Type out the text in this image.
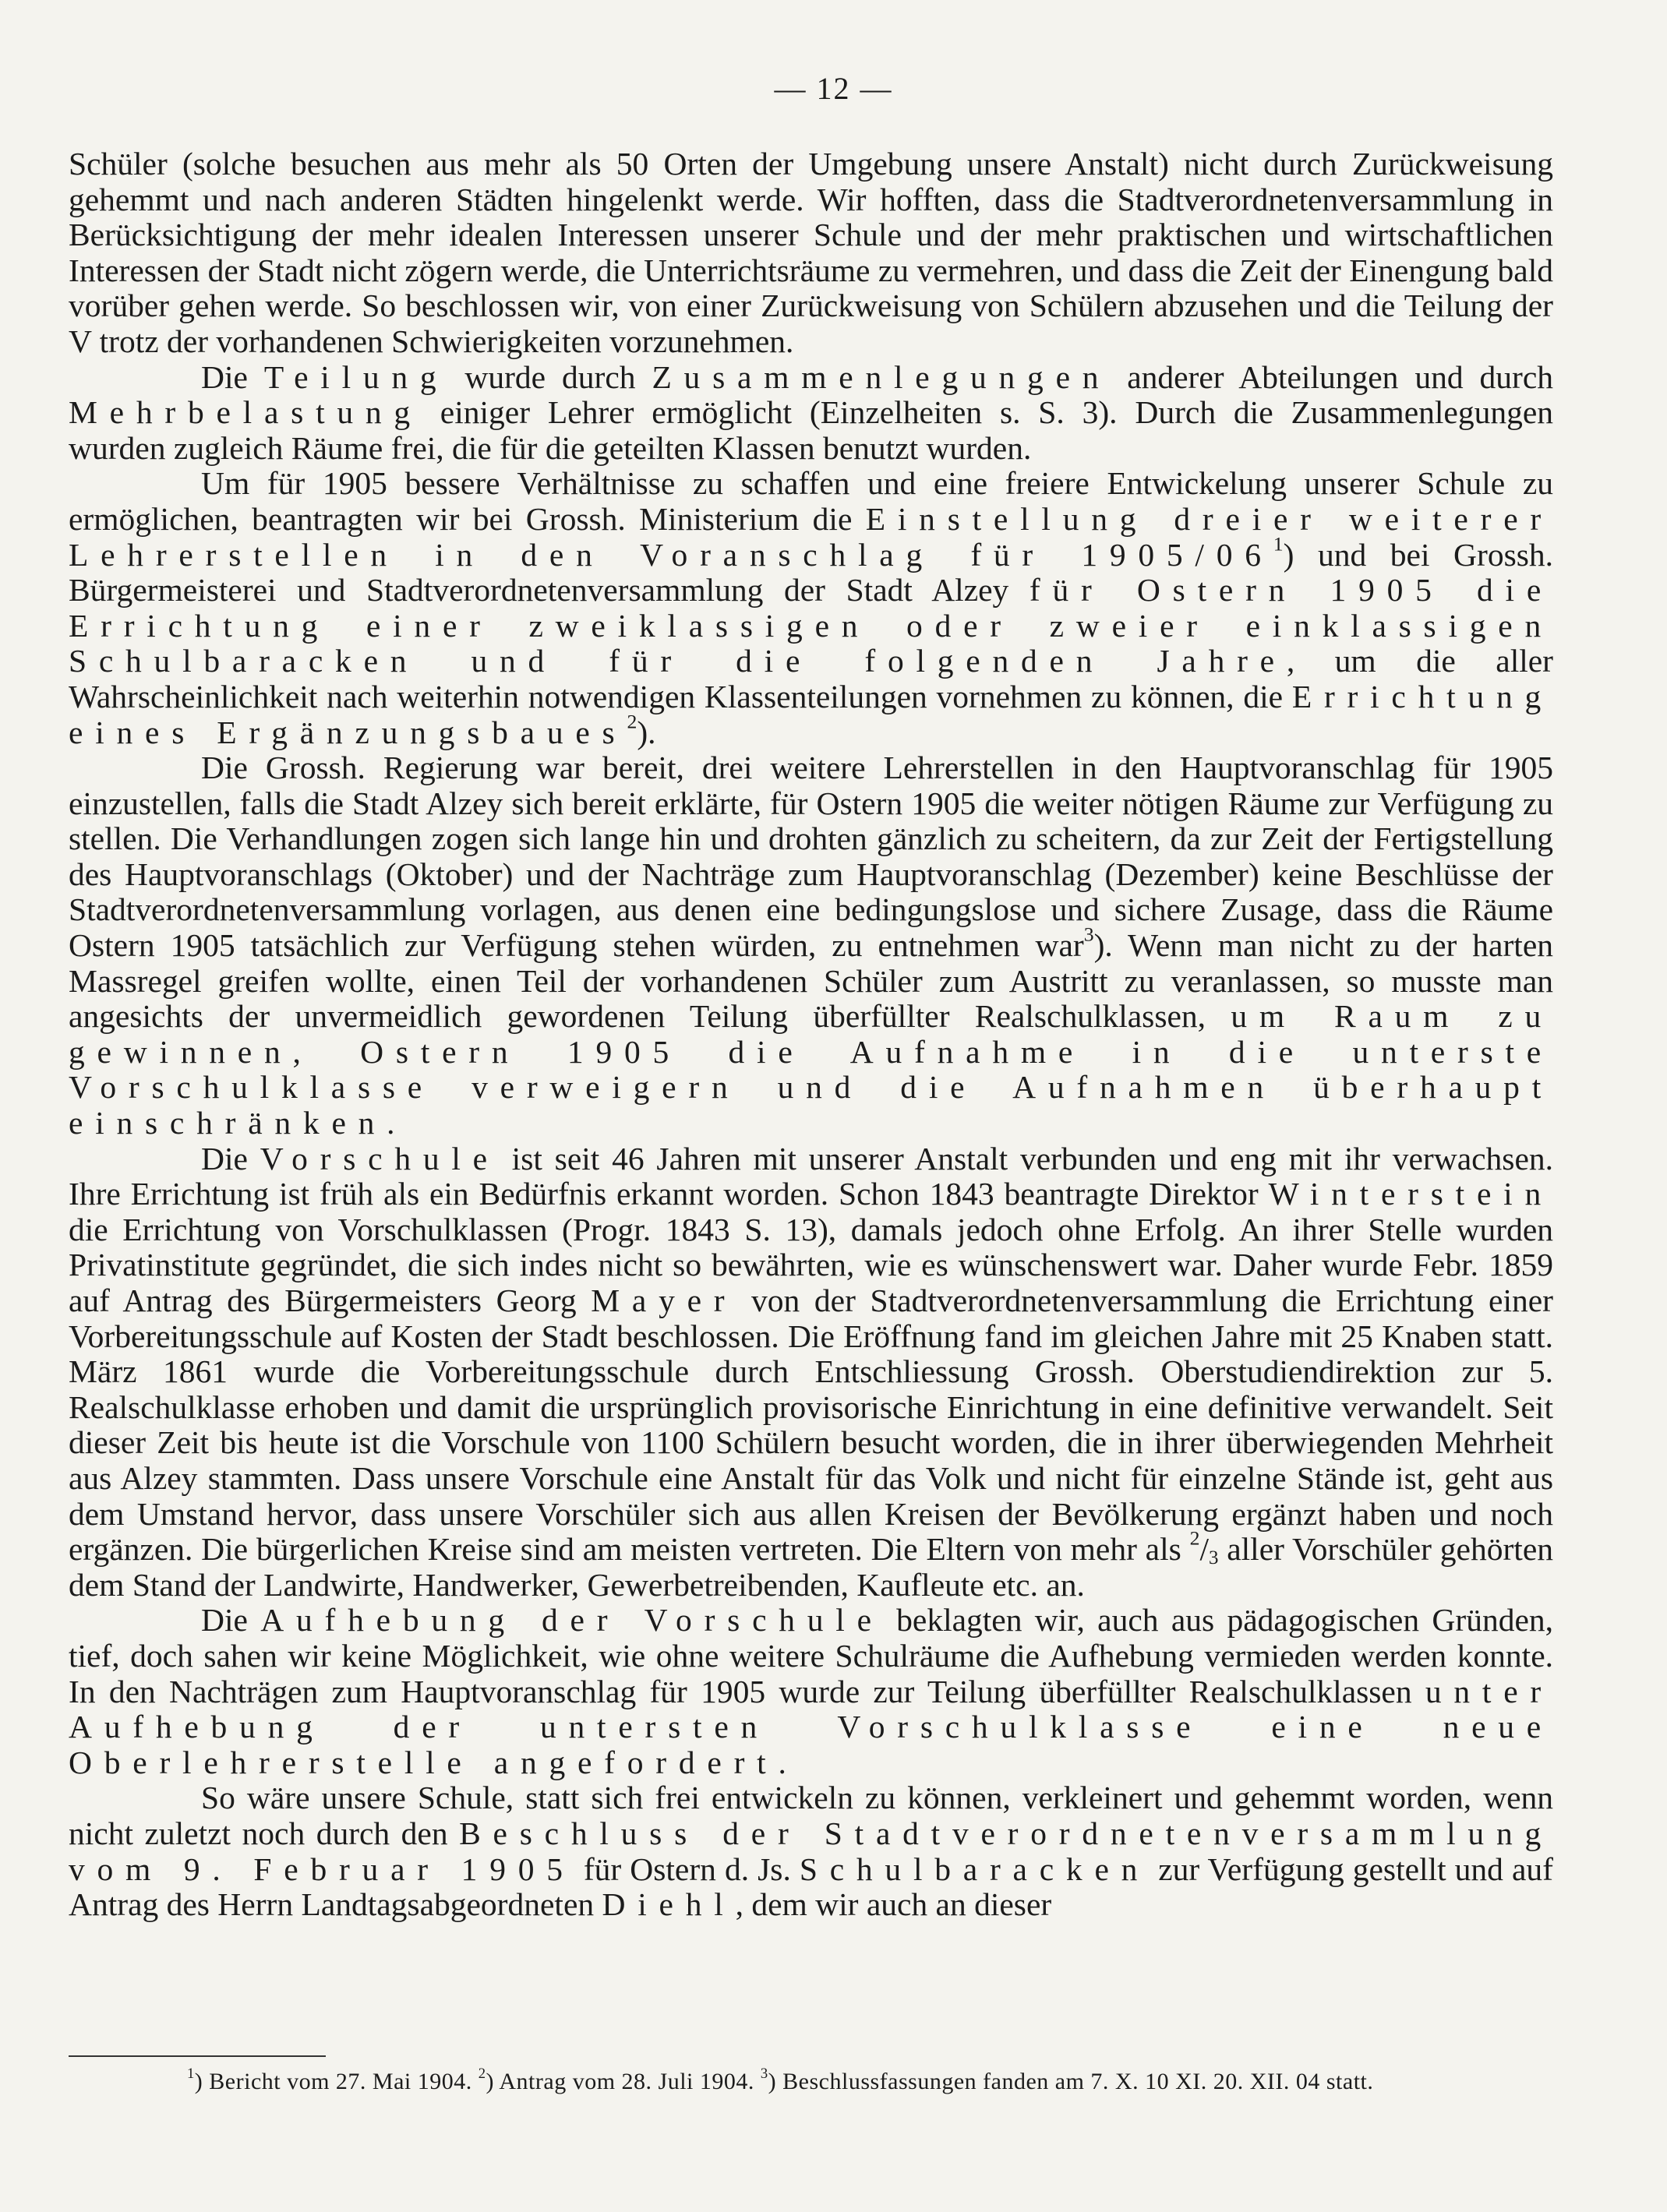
— 12 —

Schüler (solche besuchen aus mehr als 50 Orten der Umgebung unsere Anstalt) nicht durch Zurückweisung gehemmt und nach anderen Städten hingelenkt werde. Wir hofften, dass die Stadtverordnetenversammlung in Berücksichtigung der mehr idealen Interessen unserer Schule und der mehr praktischen und wirtschaftlichen Interessen der Stadt nicht zögern werde, die Unterrichtsräume zu vermehren, und dass die Zeit der Einengung bald vorüber gehen werde. So beschlossen wir, von einer Zurückweisung von Schülern abzusehen und die Teilung der V trotz der vorhandenen Schwierigkeiten vorzunehmen.

Die Teilung wurde durch Zusammenlegungen anderer Abteilungen und durch Mehrbelastung einiger Lehrer ermöglicht (Einzelheiten s. S. 3). Durch die Zusammenlegungen wurden zugleich Räume frei, die für die geteilten Klassen benutzt wurden.

Um für 1905 bessere Verhältnisse zu schaffen und eine freiere Entwickelung unserer Schule zu ermöglichen, beantragten wir bei Grossh. Ministerium die Einstellung dreier weiterer Lehrerstellen in den Voranschlag für $1905/06^1$) und bei Grossh. Bürgermeisterei und Stadtverordnetenversammlung der Stadt Alzey für Ostern 1905 die Errichtung einer zweiklassigen oder zweier einklassigen Schulbaracken und für die folgenden Jahre, um die aller Wahrscheinlichkeit nach weiterhin notwendigen Klassenteilungen vornehmen zu können, die Errichtung eines Ergänzungsbaues$^2$).

Die Grossh. Regierung war bereit, drei weitere Lehrerstellen in den Hauptvoranschlag für 1905 einzustellen, falls die Stadt Alzey sich bereit erklärte, für Ostern 1905 die weiter nötigen Räume zur Verfügung zu stellen. Die Verhandlungen zogen sich lange hin und drohten gänzlich zu scheitern, da zur Zeit der Fertigstellung des Hauptvoranschlags (Oktober) und der Nachträge zum Hauptvoranschlag (Dezember) keine Beschlüsse der Stadtverordnetenversammlung vorlagen, aus denen eine bedingungslose und sichere Zusage, dass die Räume Ostern 1905 tatsächlich zur Verfügung stehen würden, zu entnehmen war$^3$). Wenn man nicht zu der harten Massregel greifen wollte, einen Teil der vorhandenen Schüler zum Austritt zu veranlassen, so musste man angesichts der unvermeidlich gewordenen Teilung überfüllter Realschulklassen, um Raum zu gewinnen, Ostern 1905 die Aufnahme in die unterste Vorschulklasse verweigern und die Aufnahmen überhaupt einschränken.

Die Vorschule ist seit 46 Jahren mit unserer Anstalt verbunden und eng mit ihr verwachsen. Ihre Errichtung ist früh als ein Bedürfnis erkannt worden. Schon 1843 beantragte Direktor Winterstein die Errichtung von Vorschulklassen (Progr. 1843 S. 13), damals jedoch ohne Erfolg. An ihrer Stelle wurden Privatinstitute gegründet, die sich indes nicht so bewährten, wie es wünschenswert war. Daher wurde Febr. 1859 auf Antrag des Bürgermeisters Georg Mayer von der Stadtverordnetenversammlung die Errichtung einer Vorbereitungsschule auf Kosten der Stadt beschlossen. Die Eröffnung fand im gleichen Jahre mit 25 Knaben statt. März 1861 wurde die Vorbereitungsschule durch Entschliessung Grossh. Oberstudiendirektion zur 5. Realschulklasse erhoben und damit die ursprünglich provisorische Einrichtung in eine definitive verwandelt. Seit dieser Zeit bis heute ist die Vorschule von 1100 Schülern besucht worden, die in ihrer überwiegenden Mehrheit aus Alzey stammten. Dass unsere Vorschule eine Anstalt für das Volk und nicht für einzelne Stände ist, geht aus dem Umstand hervor, dass unsere Vorschüler sich aus allen Kreisen der Bevölkerung ergänzt haben und noch ergänzen. Die bürgerlichen Kreise sind am meisten vertreten. Die Eltern von mehr als $^2$/3 aller Vorschüler gehörten dem Stand der Landwirte, Handwerker, Gewerbetreibenden, Kaufleute etc. an.

Die Aufhebung der Vorschule beklagten wir, auch aus pädagogischen Gründen, tief, doch sahen wir keine Möglichkeit, wie ohne weitere Schulräume die Aufhebung vermieden werden konnte. In den Nachträgen zum Hauptvoranschlag für 1905 wurde zur Teilung überfüllter Realschulklassen unter Aufhebung der untersten Vorschulklasse eine neue Oberlehrerstelle angefordert.

So wäre unsere Schule, statt sich frei entwickeln zu können, verkleinert und gehemmt worden, wenn nicht zuletzt noch durch den Beschluss der Stadtverordnetenversammlung vom 9. Februar 1905 für Ostern d. Js. Schulbaracken zur Verfügung gestellt und auf Antrag des Herrn Landtagsabgeordneten Diehl, dem wir auch an dieser

$^1$) Bericht vom 27. Mai 1904. $^2$) Antrag vom 28. Juli 1904. $^3$) Beschlussfassungen fanden am 7. X. 10 XI. 20. XII. 04 statt.
